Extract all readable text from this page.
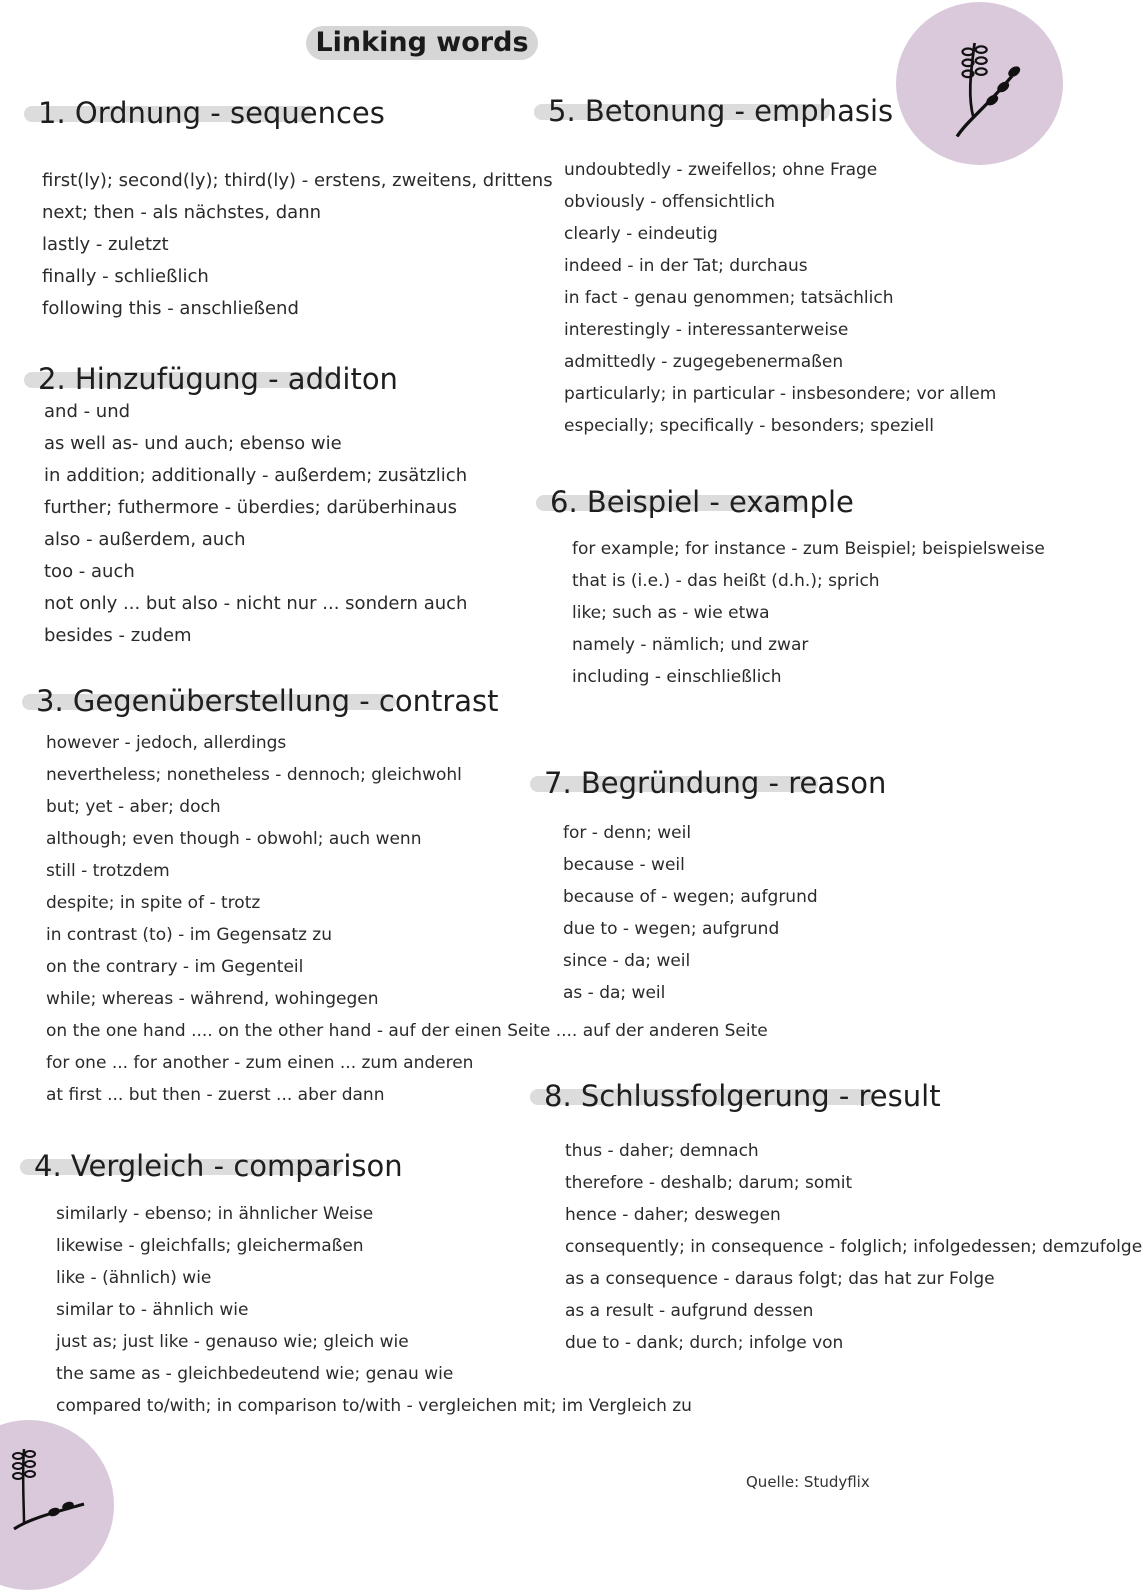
Linking words
1. Ordnung - sequences
first(ly); second(ly); third(ly) - erstens, zweitens, drittens
next; then - als nächstes, dann
lastly - zuletzt
finally - schließlich
following this - anschließend
2. Hinzufügung - additon
and - und
as well as- und auch; ebenso wie
in addition; additionally - außerdem; zusätzlich
further; futhermore - überdies; darüberhinaus
also - außerdem, auch
too - auch
not only ... but also - nicht nur ... sondern auch
besides - zudem
3. Gegenüberstellung - contrast
however - jedoch, allerdings
nevertheless; nonetheless - dennoch; gleichwohl
but; yet - aber; doch
although; even though - obwohl; auch wenn
still - trotzdem
despite; in spite of - trotz
in contrast (to) - im Gegensatz zu
on the contrary - im Gegenteil
while; whereas - während, wohingegen
on the one hand .... on the other hand - auf der einen Seite .... auf der anderen Seite
for one ... for another - zum einen ... zum anderen
at first ... but then - zuerst ... aber dann
4. Vergleich - comparison
similarly - ebenso; in ähnlicher Weise
likewise - gleichfalls; gleichermaßen
like - (ähnlich) wie
similar to - ähnlich wie
just as; just like - genauso wie; gleich wie
the same as - gleichbedeutend wie; genau wie
compared to/with; in comparison to/with - vergleichen mit; im Vergleich zu
5. Betonung - emphasis
undoubtedly - zweifellos; ohne Frage
obviously - offensichtlich
clearly - eindeutig
indeed - in der Tat; durchaus
in fact - genau genommen; tatsächlich
interestingly - interessanterweise
admittedly - zugegebenermaßen
particularly; in particular - insbesondere; vor allem
especially; specifically - besonders; speziell
6. Beispiel - example
for example; for instance - zum Beispiel; beispielsweise
that is (i.e.) - das heißt (d.h.); sprich
like; such as - wie etwa
namely - nämlich; und zwar
including - einschließlich
7. Begründung - reason
for - denn; weil
because - weil
because of - wegen; aufgrund
due to - wegen; aufgrund
since - da; weil
as - da; weil
8. Schlussfolgerung - result
thus - daher; demnach
therefore - deshalb; darum; somit
hence - daher; deswegen
consequently; in consequence - folglich; infolgedessen; demzufolge
as a consequence - daraus folgt; das hat zur Folge
as a result - aufgrund dessen
due to - dank; durch; infolge von
Quelle: Studyflix
